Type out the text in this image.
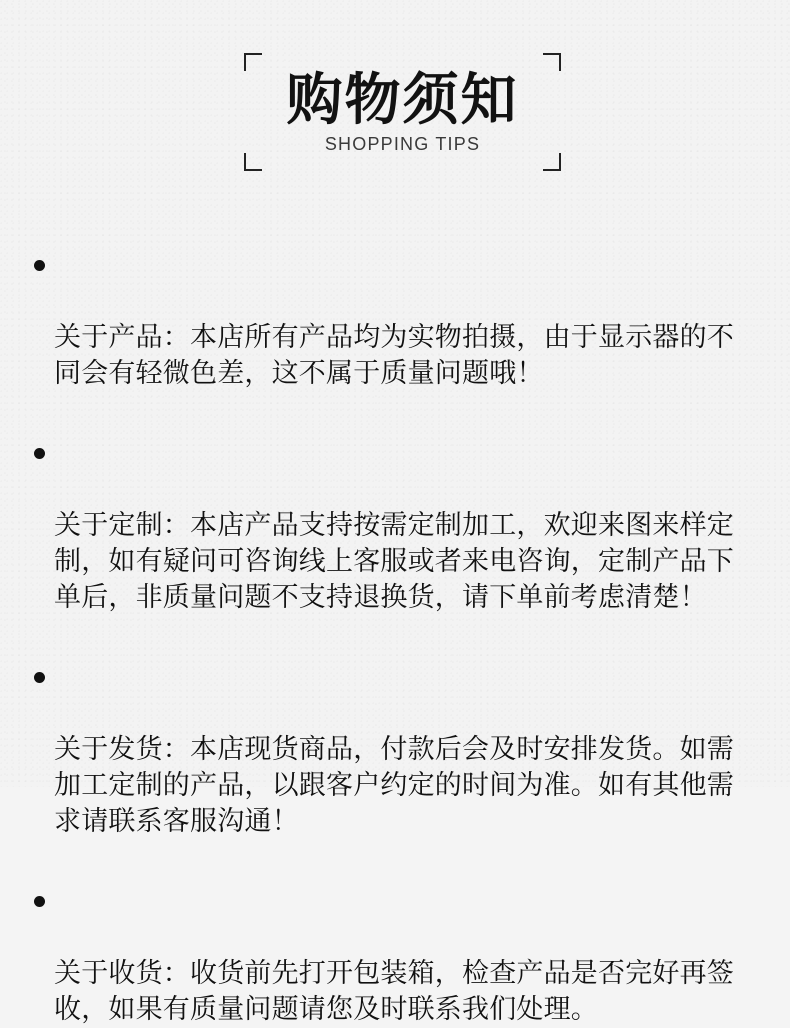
购物须知
SHOPPING TIPS

关于产品：本店所有产品均为实物拍摄，由于显示器的不
同会有轻微色差，这不属于质量问题哦！

关于定制：本店产品支持按需定制加工，欢迎来图来样定
制，如有疑问可咨询线上客服或者来电咨询，定制产品下
单后，非质量问题不支持退换货，请下单前考虑清楚！

关于发货：本店现货商品，付款后会及时安排发货。如需
加工定制的产品，以跟客户约定的时间为准。如有其他需
求请联系客服沟通！

关于收货：收货前先打开包装箱，检查产品是否完好再签
收，如果有质量问题请您及时联系我们处理。
